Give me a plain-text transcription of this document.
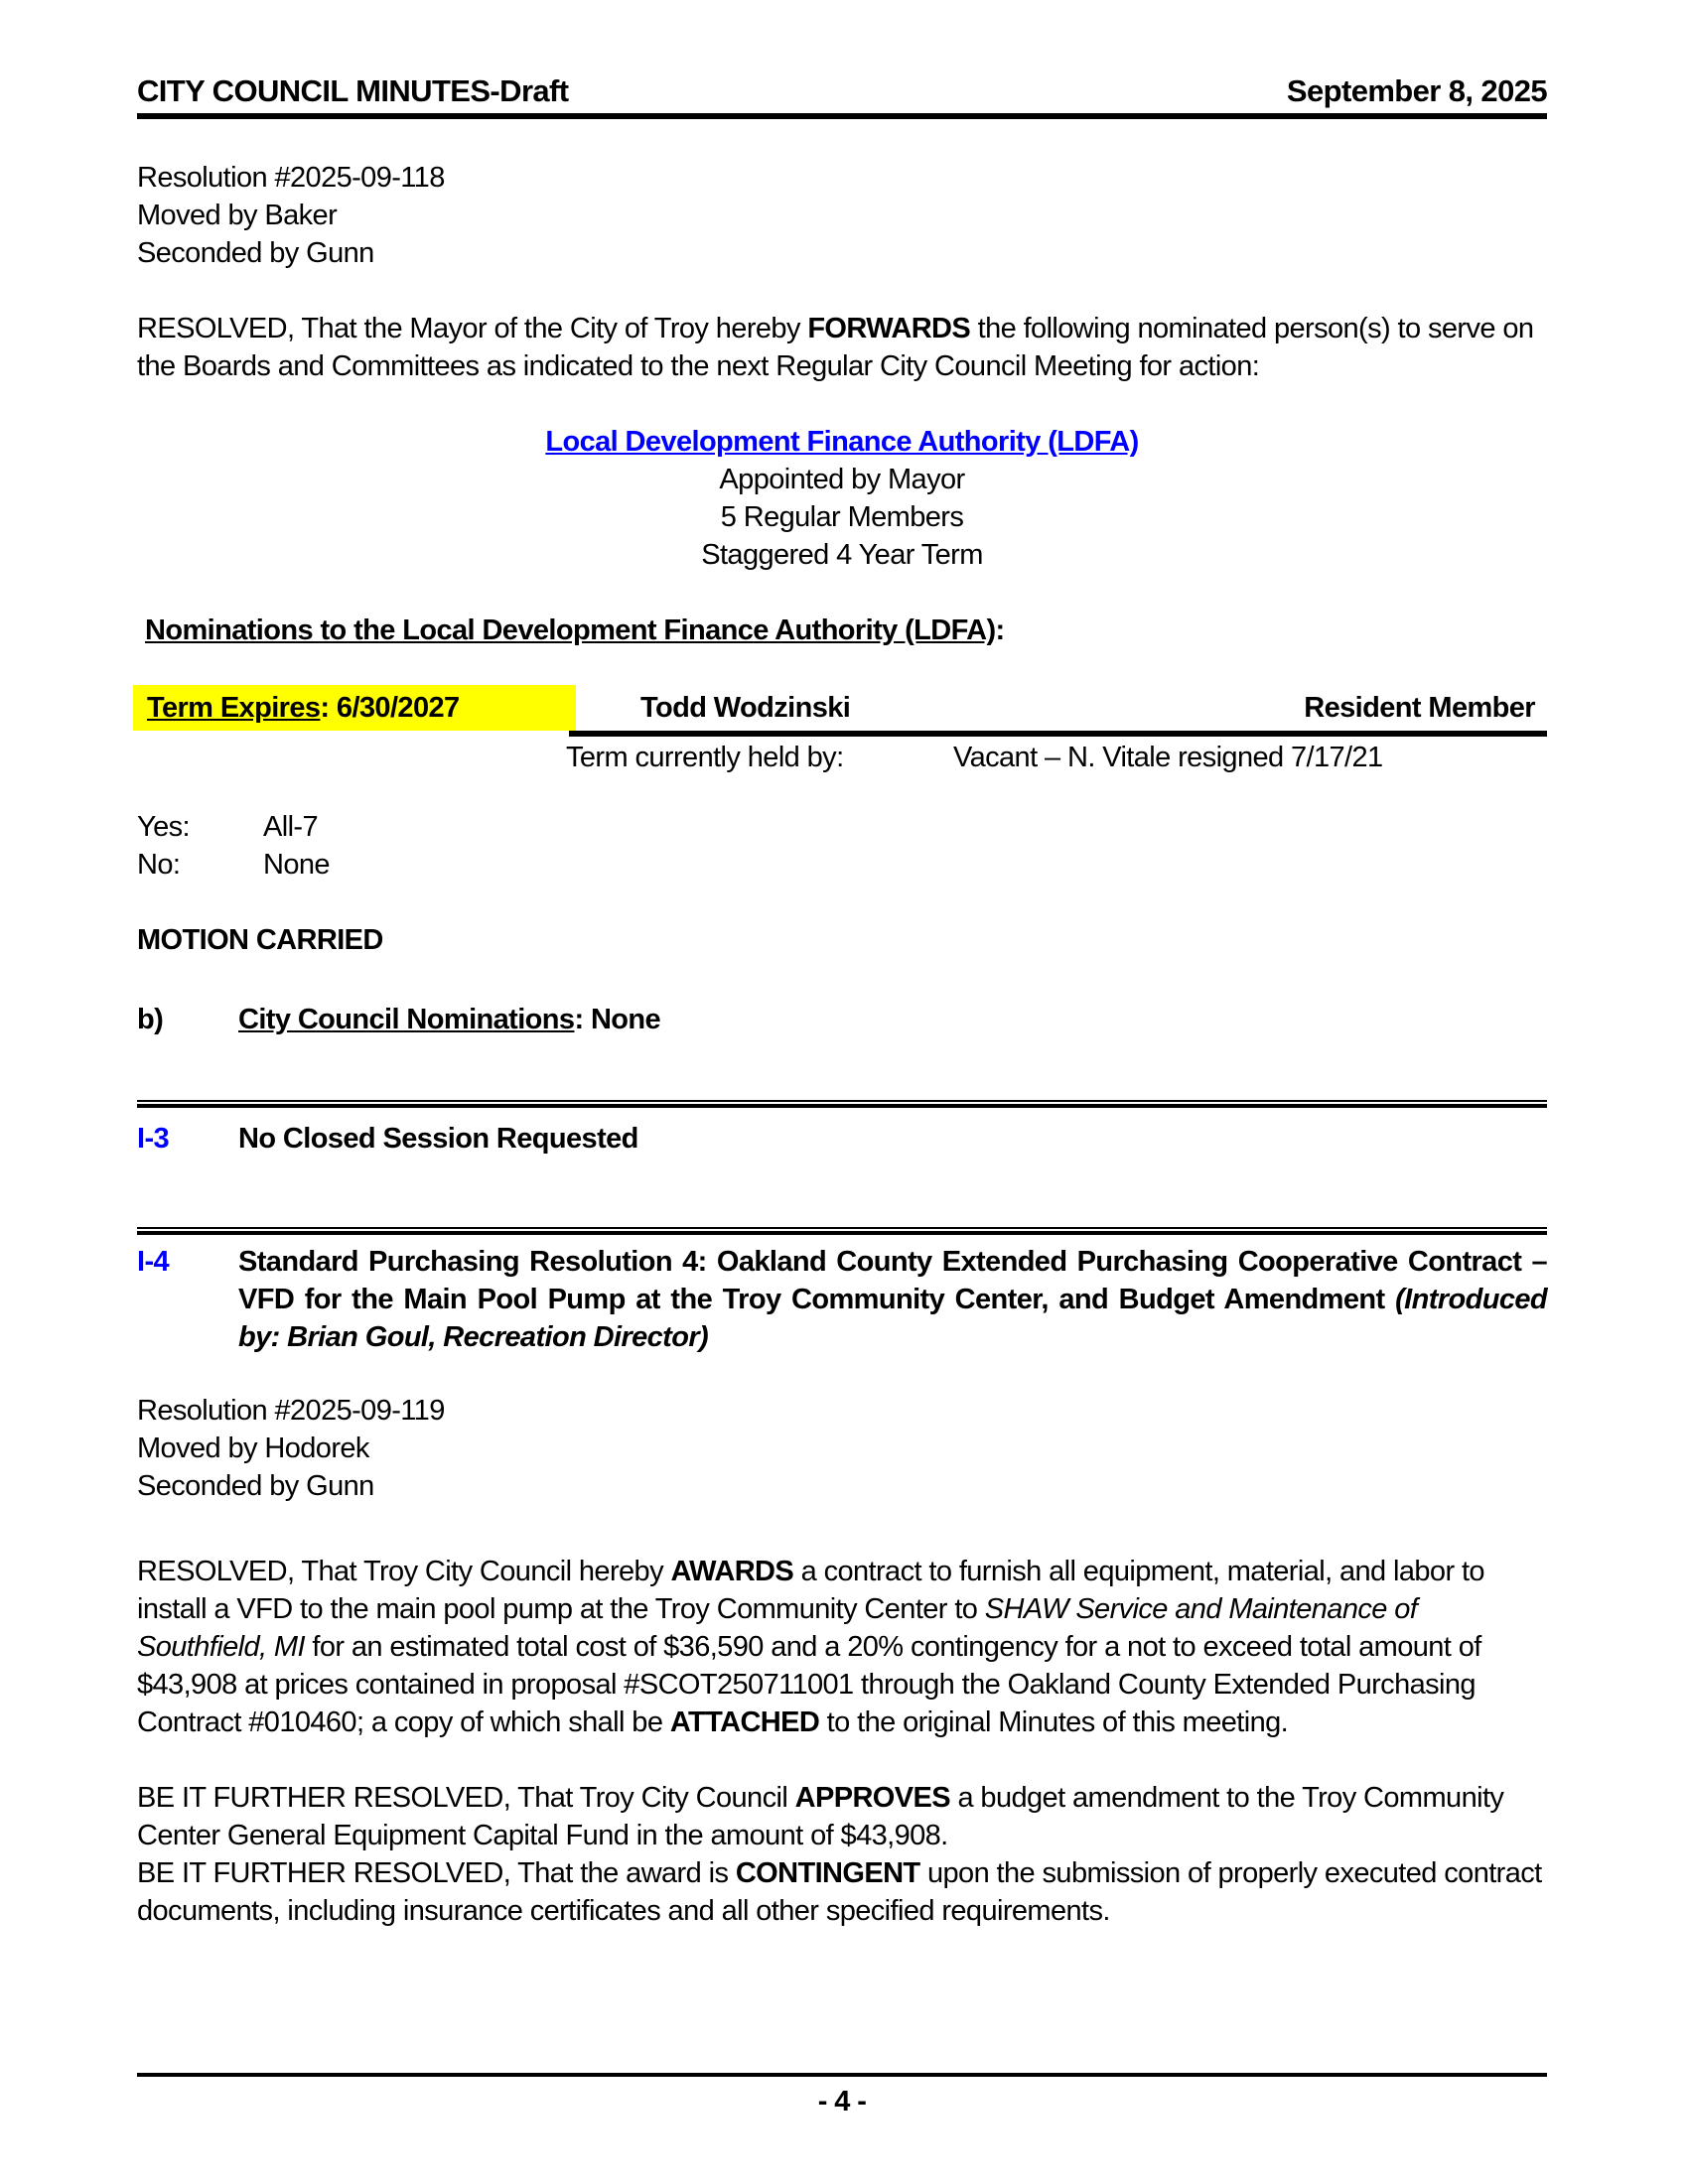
CITY COUNCIL MINUTES-Draft	September 8, 2025
Resolution #2025-09-118
Moved by Baker
Seconded by Gunn
RESOLVED, That the Mayor of the City of Troy hereby FORWARDS the following nominated person(s) to serve on the Boards and Committees as indicated to the next Regular City Council Meeting for action:
Local Development Finance Authority (LDFA)
Appointed by Mayor
5 Regular Members
Staggered 4 Year Term
Nominations to the Local Development Finance Authority (LDFA):
Term Expires: 6/30/2027	Todd Wodzinski	Resident Member
Term currently held by:	Vacant – N. Vitale resigned 7/17/21
Yes:	All-7
No:	None
MOTION CARRIED
b)	City Council Nominations: None
I-3	No Closed Session Requested
I-4	Standard Purchasing Resolution 4: Oakland County Extended Purchasing Cooperative Contract – VFD for the Main Pool Pump at the Troy Community Center, and Budget Amendment (Introduced by: Brian Goul, Recreation Director)
Resolution #2025-09-119
Moved by Hodorek
Seconded by Gunn
RESOLVED, That Troy City Council hereby AWARDS a contract to furnish all equipment, material, and labor to install a VFD to the main pool pump at the Troy Community Center to SHAW Service and Maintenance of Southfield, MI for an estimated total cost of $36,590 and a 20% contingency for a not to exceed total amount of $43,908 at prices contained in proposal #SCOT250711001 through the Oakland County Extended Purchasing Contract #010460; a copy of which shall be ATTACHED to the original Minutes of this meeting.
BE IT FURTHER RESOLVED, That Troy City Council APPROVES a budget amendment to the Troy Community Center General Equipment Capital Fund in the amount of $43,908.
BE IT FURTHER RESOLVED, That the award is CONTINGENT upon the submission of properly executed contract documents, including insurance certificates and all other specified requirements.
- 4 -
